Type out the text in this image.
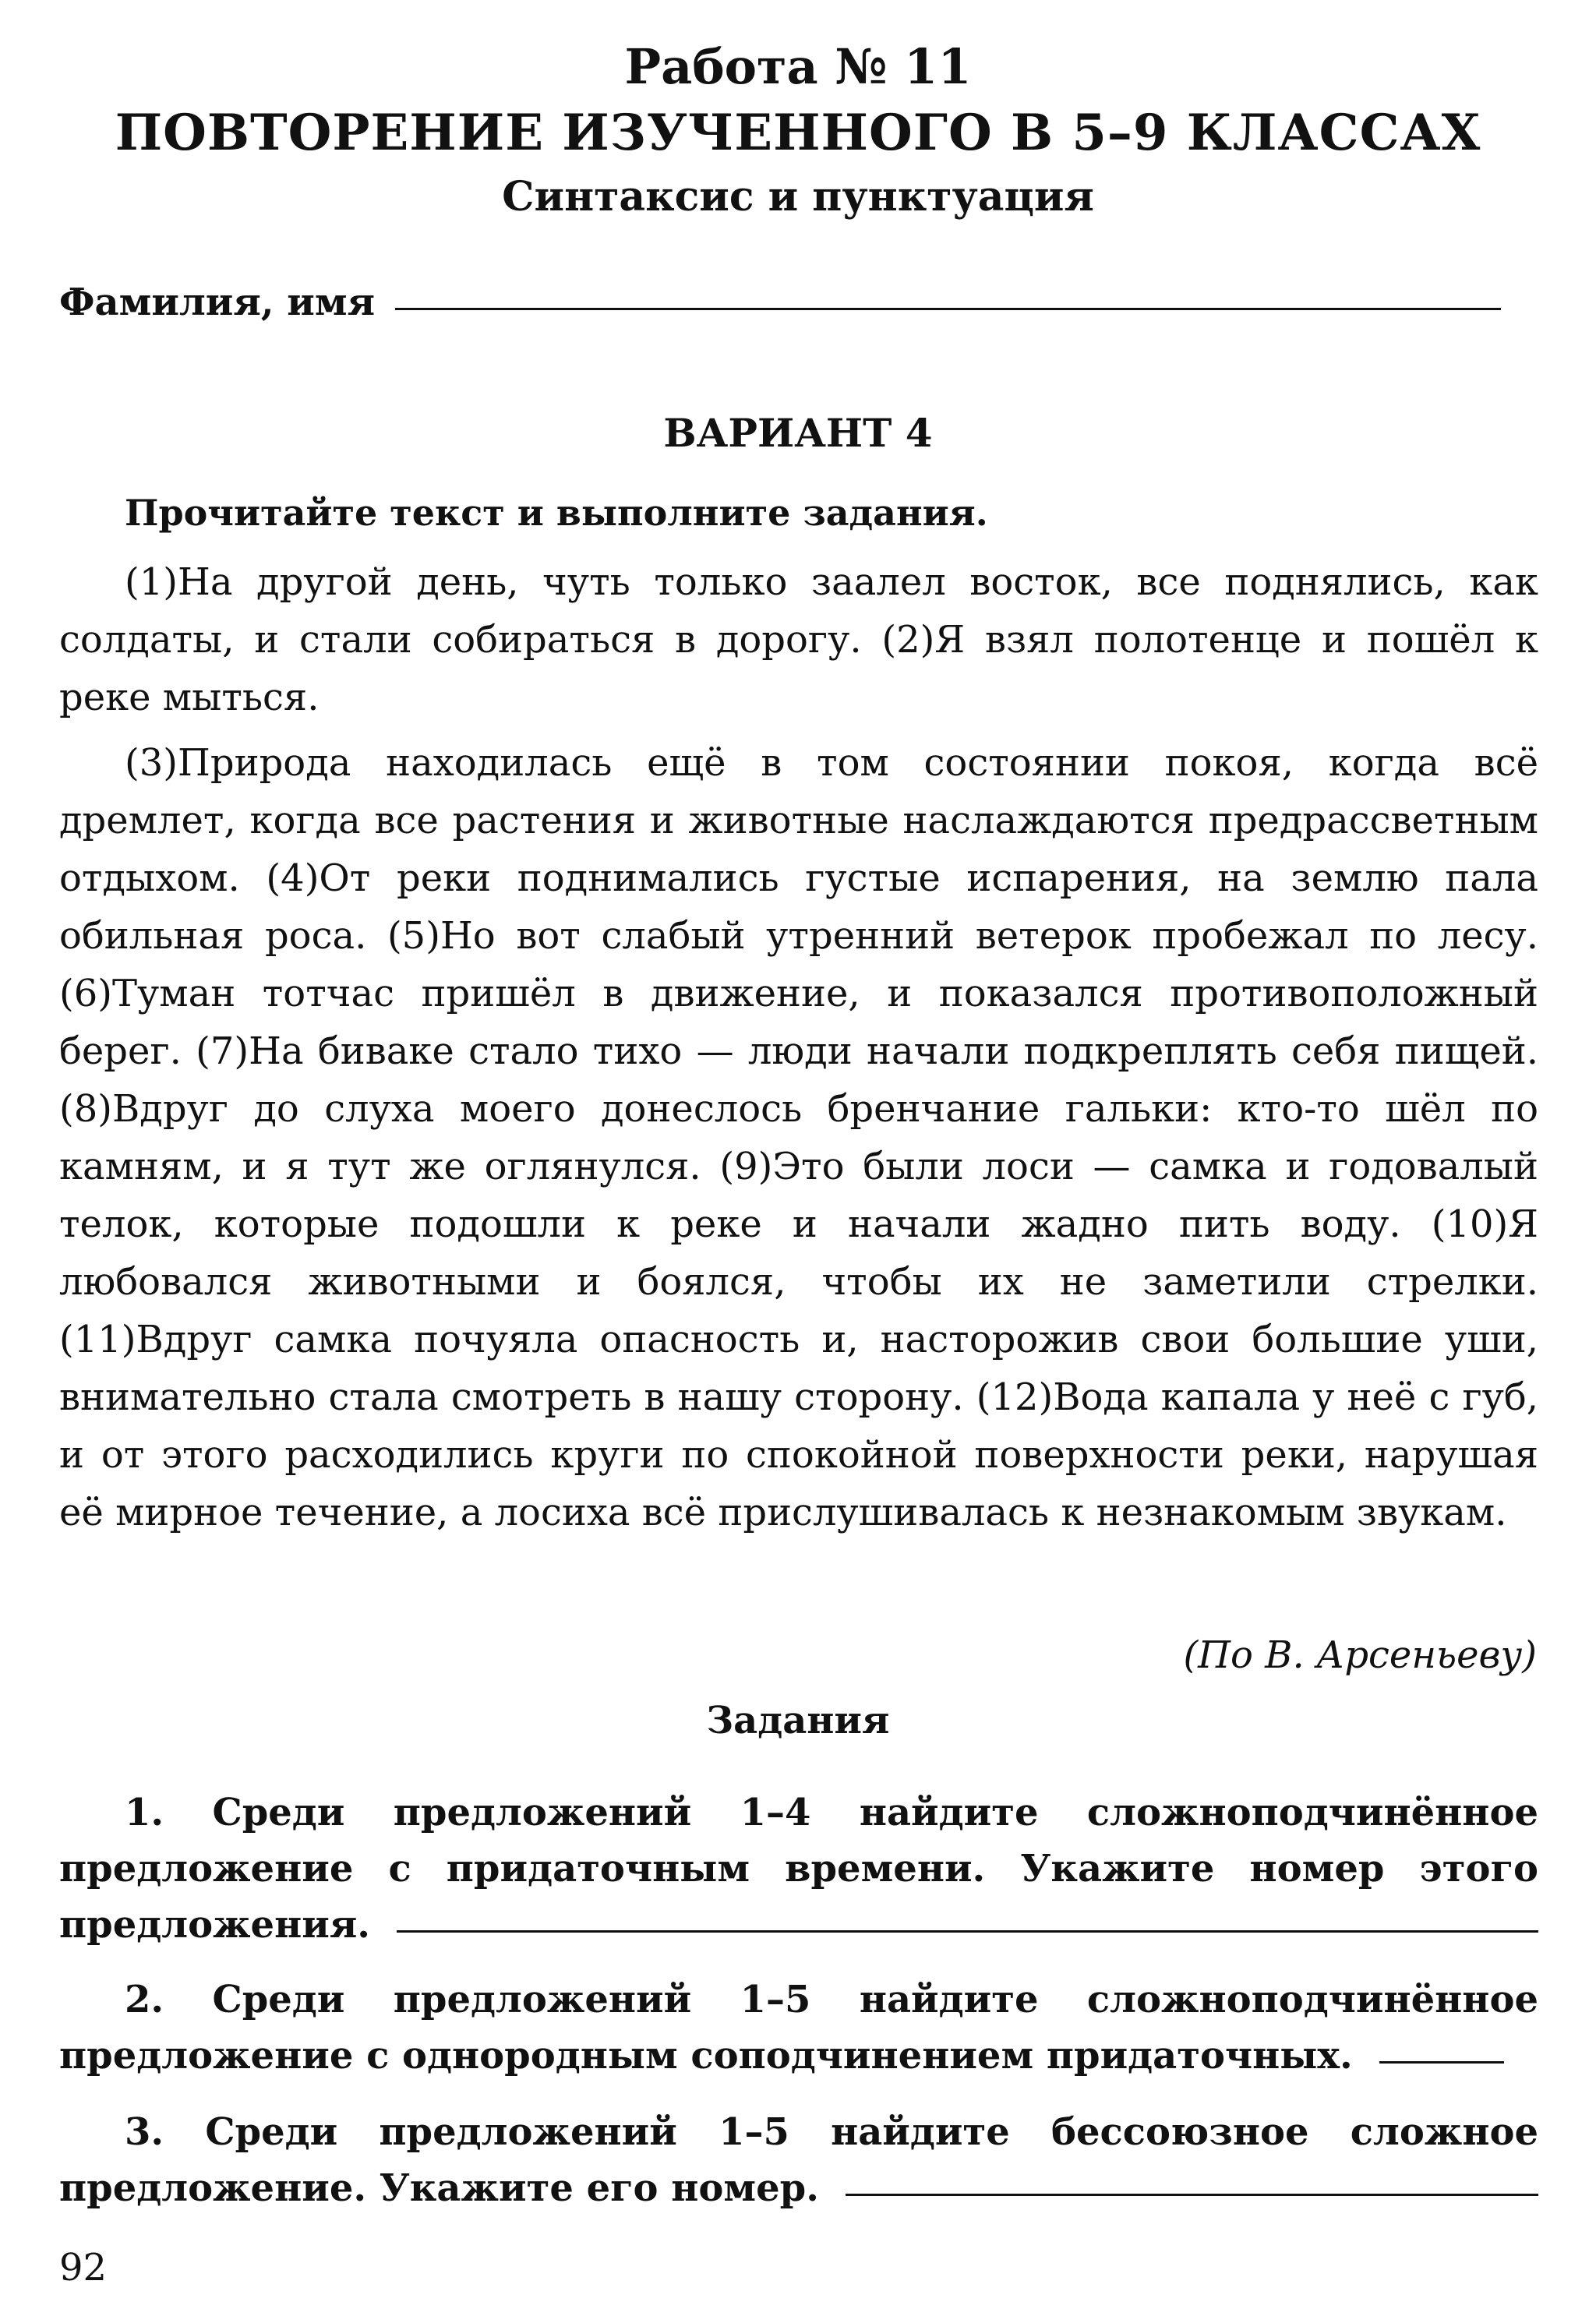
Работа № 11
ПОВТОРЕНИЕ ИЗУЧЕННОГО В 5–9 КЛАССАХ
Синтаксис и пунктуация
Фамилия, имя
ВАРИАНТ 4
Прочитайте текст и выполните задания.

(1)На другой день, чуть только заалел восток, все поднялись, как солдаты, и стали собираться в дорогу. (2)Я взял полотенце и пошёл к реке мыться.

(3)Природа находилась ещё в том состоянии покоя, когда всё дремлет, когда все растения и животные наслаждаются предрассветным отдыхом. (4)От реки поднимались густые испарения, на землю пала обильная роса. (5)Но вот слабый утренний ветерок пробежал по лесу. (6)Туман тотчас пришёл в движение, и показался противоположный берег. (7)На биваке стало тихо — люди начали подкреплять себя пищей. (8)Вдруг до слуха моего донеслось бренчание гальки: кто-то шёл по камням, и я тут же оглянулся. (9)Это были лоси — самка и годовалый телок, которые подошли к реке и начали жадно пить воду. (10)Я любовался животными и боялся, чтобы их не заметили стрелки. (11)Вдруг самка почуяла опасность и, насторожив свои большие уши, внимательно стала смотреть в нашу сторону. (12)Вода капала у неё с губ, и от этого расходились круги по спокойной поверхности реки, нарушая её мирное течение, а лосиха всё прислушивалась к незнакомым звукам.

(По В. Арсеньеву)
Задания
1. Среди предложений 1–4 найдите сложноподчинённое
предложение с придаточным времени. Укажите номер этого
предложения.
2. Среди предложений 1–5 найдите сложноподчинённое
предложение с однородным соподчинением придаточных.
3. Среди предложений 1–5 найдите бессоюзное сложное
предложение. Укажите его номер.
92
